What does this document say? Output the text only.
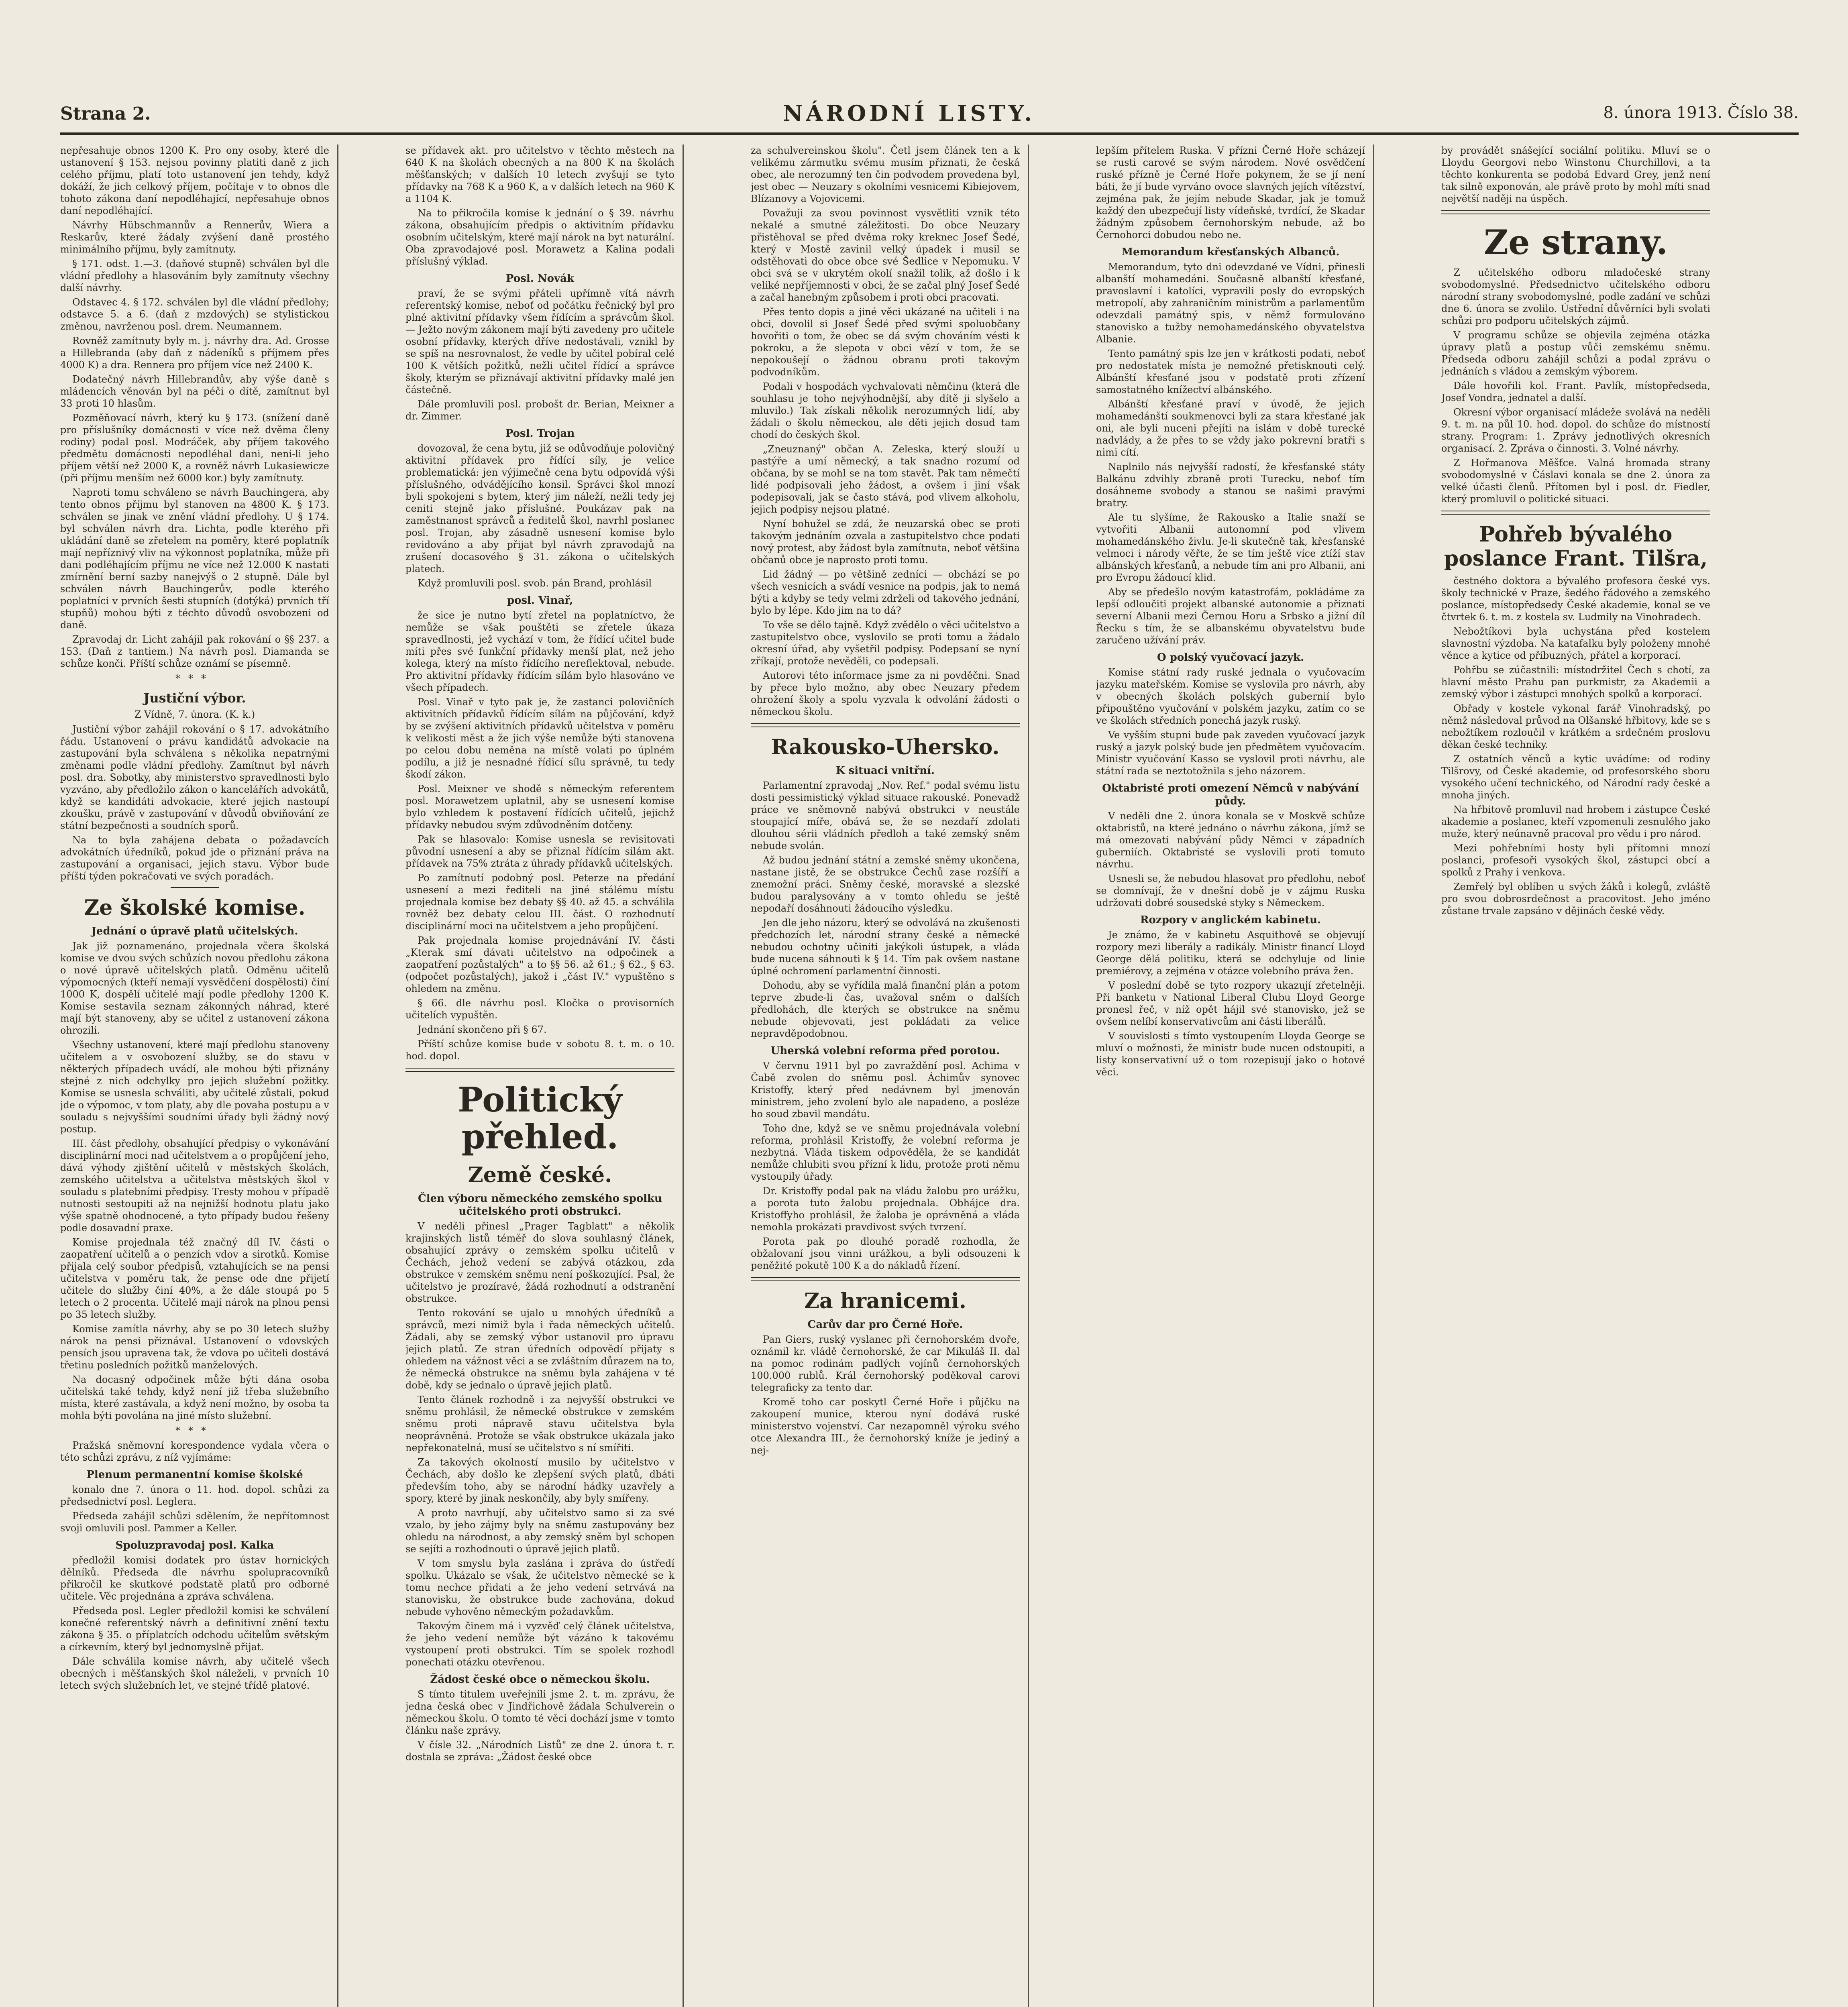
Strana 2.	NÁRODNÍ LISTY.	8. února 1913. Číslo 38.

nepřesahuje obnos 1200 K. Pro ony osoby, které dle ustanovení § 153. nejsou povinny platiti daně z jich celého příjmu, platí toto ustanovení jen tehdy, když dokáží, že jich celkový příjem, počítaje v to obnos dle tohoto zákona daní nepodléhající, nepřesahuje obnos daní nepodléhající.

Návrhy Hübschmannův a Rennerův, Wiera a Reskarův, které žádaly zvýšení daně prostého minimálního příjmu, byly zamítnuty.

§ 171. odst. 1.—3. (daňové stupně) schválen byl dle vládní předlohy a hlasováním byly zamítnuty všechny další návrhy.

Odstavec 4. § 172. schválen byl dle vládní předlohy; odstavce 5. a 6. (daň z mzdových) se stylistickou změnou, navrženou posl. drem. Neumannem.

Rovněž zamítnuty byly m. j. návrhy dra. Ad. Grosse a Hillebranda (aby daň z nádeníků s příjmem přes 4000 K) a dra. Rennera pro příjem více než 2400 K.

Dodatečný návrh Hillebrandův, aby výše daně s mládencích věnován byl na péči o dítě, zamítnut byl 33 proti 10 hlasům.

Pozměňovací návrh, který ku § 173. (snížení daně pro příslušníky domácnosti v více než dvěma členy rodiny) podal posl. Modráček, aby příjem takového předmětu domácnosti nepodléhal dani, neni-li jeho příjem větší než 2000 K, a rovněž návrh Lukasiewicze (při příjmu menším než 6000 kor.) byly zamítnuty.

Naproti tomu schváleno se návrh Bauchingera, aby tento obnos příjmu byl stanoven na 4800 K. § 173. schválen se jinak ve znění vládní předlohy. U § 174. byl schválen návrh dra. Lichta, podle kterého při ukládání daně se zřetelem na poměry, které poplatník mají nepříznivý vliv na výkonnost poplatníka, může při dani podléhajícím příjmu ne více než 12.000 K nastati zmírnění berní sazby nanejvýš o 2 stupně. Dále byl schválen návrh Bauchingerův, podle kterého poplatníci v prvních šesti stupních (dotýká) prvních tří stupňů) mohou býti z téchto důvodů osvobozeni od daně.

Zpravodaj dr. Licht zahájil pak rokování o §§ 237. a 153. (Daň z tantiem.) Na návrh posl. Diamanda se schůze konči. Příští schůze oznámí se písemně.

***
Justiční výbor.
Z Vídně, 7. února. (K. k.)

Justiční výbor zahájil rokování o § 17. advokátního řádu. Ustanovení o právu kandidátů advokacie na zastupování byla schválena s několika nepatrnými změnami podle vládní předlohy. Zamítnut byl návrh posl. dra. Sobotky, aby ministerstvo spravedlnosti bylo vyzváno, aby předložilo zákon o kancelářích advokátů, když se kandidáti advokacie, které jejich nastoupí zkoušku, právě v zastupování v důvodů obviňování ze státní bezpečnosti a soudních sporů.

Na to byla zahájena debata o požadavcích advokátních úředníků, pokud jde o přiznání práva na zastupování a organisaci, jejich stavu. Výbor bude příští týden pokračovati ve svých poradách.

Ze školské komise.
Jednání o úpravě platů učitelských.

Jak již poznamenáno, projednala včera školská komise ve dvou svých schůzích novou předlohu zákona o nové úpravě učitelských platů. Odměnu učitelů výpomocných (kteří nemají vysvědčení dospělosti) činí 1000 K, dospělí učitelé mají podle předlohy 1200 K. Komise sestavila seznam zákonných náhrad, které mají být stanoveny, aby se učitel z ustanovení zákona ohrozili.

Všechny ustanovení, které mají předlohu stanoveny učitelem a v osvobození služby, se do stavu v některých případech uvádí, ale mohou býti přiznány stejné z nich odchylky pro jejich služební požitky. Komise se usnesla schváliti, aby učitelé zůstali, pokud jde o výpomoc, v tom platy, aby dle povaha postupu a v souladu s nejvyššími soudními úřady byli žádný nový postup.

III. část předlohy, obsahující předpisy o vykonávání disciplinární moci nad učitelstvem a o propůjčení jeho, dává výhody zjištění učitelů v městských školách, zemského učitelstva a učitelstva městských škol v souladu s platebními předpisy. Tresty mohou v případě nutnosti sestoupiti až na nejnižší hodnotu platu jako výše spatně ohodnocené, a tyto případy budou řešeny podle dosavadní praxe.

Komise projednala též značný díl IV. části o zaopatření učitelů a o penzích vdov a sirotků. Komise přijala celý soubor předpisů, vztahujících se na pensi učitelstva v poměru tak, že pense ode dne přijetí učitele do služby činí 40%, a že dále stoupá po 5 letech o 2 procenta. Učitelé mají nárok na plnou pensi po 35 letech služby.

Komise zamítla návrhy, aby se po 30 letech služby nárok na pensi přiznával. Ustanovení o vdovských pensích jsou upravena tak, že vdova po učiteli dostává třetinu posledních požitků manželových.

Na docasný odpočinek může býti dána osoba učitelská také tehdy, když není již třeba služebního místa, které zastávala, a když není možno, by osoba ta mohla býti povolána na jiné místo služební.

***

Pražská sněmovní korespondence vydala včera o této schůzi zprávu, z níž vyjímáme:

Plenum permanentní komise školské

konalo dne 7. února o 11. hod. dopol. schůzi za předsednictví posl. Leglera.

Předseda zahájil schůzi sdělením, že nepřítomnost svoji omluvili posl. Pammer a Keller.

Spoluzpravodaj posl. Kalka

předložil komisi dodatek pro ústav hornických dělníků. Předseda dle návrhu spolupracovníků přikročil ke skutkové podstatě platů pro odborné učitele. Věc projednána a zpráva schválena.

Předseda posl. Legler předložil komisi ke schválení konečné referentský návrh a definitivní znění textu zákona § 35. o příplatcích odchodu učitelům světským a církevním, který byl jednomyslně přijat.

Dále schválila komise návrh, aby učitelé všech obecných i měšťanských škol náleželi, v prvních 10 letech svých služebních let, ve stejné třídě platové.

se přídavek akt. pro učitelstvo v těchto městech na 640 K na školách obecných a na 800 K na školách měšťanských; v dalších 10 letech zvyšují se tyto přídavky na 768 K a 960 K, a v dalších letech na 960 K a 1104 K.

Na to přikročila komise k jednání o § 39. návrhu zákona, obsahujícím předpis o aktivitním přídavku osobním učitelským, které mají nárok na byt naturální. Oba zpravodajové posl. Morawetz a Kalina podali příslušný výklad.

Posl. Novák

praví, že se svými přáteli upřímně vítá návrh referentský komise, neboť od počátku řečnický byl pro plné aktivitní přídavky všem řídícím a správcům škol. — Ježto novým zákonem mají býti zavedeny pro učitele osobní přídavky, kterých dříve nedostávali, vznikl by se spíš na nesrovnalost, že vedle by učitel pobíral celé 100 K větších požitků, nežli učitel řídící a správce školy, kterým se přiznávají aktivitní přídavky malé jen částečně.

Dále promluvili posl. probošt dr. Berian, Meixner a dr. Zimmer.

Posl. Trojan

dovozoval, že cena bytu, již se odůvodňuje polovičný aktivitní přídavek pro řídící síly, je velice problematická: jen výjimečně cena bytu odpovídá výši příslušného, odvádějícího konsil. Správci škol mnozí byli spokojeni s bytem, který jim náleží, nežli tedy jej ceniti stejně jako příslušné. Poukázav pak na zaměstnanost správců a ředitelů škol, navrhl poslanec posl. Trojan, aby zásadně usnesení komise bylo revidováno a aby přijat byl návrh zpravodajů na zrušení docasového § 31. zákona o učitelských platech.

Když promluvili posl. svob. pán Brand, prohlásil

posl. Vinař,

že sice je nutno bytí zřetel na poplatníctvo, že nemůže se však pouštěti se zřetele úkaza spravedlnosti, jež vychází v tom, že řídící učitel bude míti přes své funkční přídavky menší plat, než jeho kolega, který na místo řídícího nereflektoval, nebude. Pro aktivitní přídavky řídícím sílám bylo hlasováno ve všech případech.

Posl. Vinař v tyto pak je, že zastanci polovičních aktivitních přídavků řídícím sílám na půjčování, když by se zvýšení aktivitních přídavků učitelstva v poměru k velikosti měst a že jich výše nemůže býti stanovena po celou dobu neměna na místě volati po úplném podílu, a již je nesnadné řídicí sílu správně, tu tedy škodí zákon.

Posl. Meixner ve shodě s německým referentem posl. Morawetzem uplatnil, aby se usnesení komise bylo vzhledem k postavení řídících učitelů, jejichž přídavky nebudou svým zdůvodněním dotčeny.

Pak se hlasovalo: Komise usnesla se revisitovati původní usnesení a aby se přiznal řídícím silám akt. přídavek na 75% ztráta z úhrady přídavků učitelských.

Po zamítnutí podobný posl. Peterze na předání usnesení a mezi řediteli na jiné stálému místu projednala komise bez debaty §§ 40. až 45. a schválila rovněž bez debaty celou III. část. O rozhodnutí disciplinární moci na učitelstvem a jeho propůjčení.

Pak projednala komise projednávání IV. části „Kterak smí dávati učitelstvo na odpočinek a zaopatření pozůstalých" a to §§ 56. až 61.; § 62., § 63. (odpočet pozůstalých), jakož i „část IV." vypuštěno s ohledem na změnu.

§ 66. dle návrhu posl. Kločka o provisorních učitelích vypuštěn.

Jednání skončeno při § 67.

Příští schůze komise bude v sobotu 8. t. m. o 10. hod. dopol.

Politický přehled.
Země české.
Člen výboru německého zemského spolku učitelského proti obstrukci.

V neděli přinesl „Prager Tagblatt" a několik krajinských listů téměř do slova souhlasný článek, obsahující zprávy o zemském spolku učitelů v Čechách, jehož vedení se zabývá otázkou, zda obstrukce v zemském sněmu není poškozující. Psal, že učitelstvo je prozíravé, žádá rozhodnutí a odstranění obstrukce.

Tento rokování se ujalo u mnohých úředníků a správců, mezi nimiž byla i řada německých učitelů. Žádali, aby se zemský výbor ustanovil pro úpravu jejich platů. Ze stran úředních odpovědí přijaty s ohledem na vážnost věci a se zvláštním důrazem na to, že německá obstrukce na sněmu byla zahájena v té době, kdy se jednalo o úpravě jejich platů.

Tento článek rozhodně i za nejvyšší obstrukci ve sněmu prohlásil, že německé obstrukce v zemském sněmu proti nápravě stavu učitelstva byla neoprávněná. Protože se však obstrukce ukázala jako nepřekonatelná, musí se učitelstvo s ní smířiti.

Za takových okolností musilo by učitelstvo v Čechách, aby došlo ke zlepšení svých platů, dbáti především toho, aby se národní hádky uzavřely a spory, které by jinak neskončily, aby byly smířeny.

A proto navrhují, aby učitelstvo samo si za své vzalo, by jeho zájmy byly na sněmu zastupovány bez ohledu na národnost, a aby zemský sněm byl schopen se sejíti a rozhodnouti o úpravě jejich platů.

V tom smyslu byla zaslána i zpráva do ústředí spolku. Ukázalo se však, že učitelstvo německé se k tomu nechce přidati a že jeho vedení setrvává na stanovisku, že obstrukce bude zachována, dokud nebude vyhověno německým požadavkům.

Takovým činem má i vyzvěď celý článek učitelstva, že jeho vedení nemůže být vázáno k takovému vystoupení proti obstrukci. Tím se spolek rozhodl ponechati otázku otevřenou.

Žádost české obce o německou školu.

S tímto titulem uveřejnili jsme 2. t. m. zprávu, že jedna česká obec v Jindřichově žádala Schulverein o německou školu. O tomto té věci dochází jsme v tomto článku naše zprávy.

V čísle 32. „Národních Listů" ze dne 2. února t. r. dostala se zpráva: „Žádost české obce

za schulvereinskou školu". Četl jsem článek ten a k velikému zármutku svému musím přiznati, že česká obec, ale nerozumný ten čin podvodem provedena byl, jest obec — Neuzary s okolními vesnicemi Kibiejovem, Blízanovy a Vojovicemi.

Považuji za svou povinnost vysvětliti vznik této nekalé a smutné záležitosti. Do obce Neuzary přistěhoval se před dvěma roky kreknec Josef Šedé, který v Mostě zavinil velký úpadek i musil se odstěhovati do obce obce své Šedlice v Nepomuku. V obci svá se v ukrytém okolí snažil tolik, až došlo i k veliké nepříjemnosti v obci, že se začal plný Josef Šedé a začal hanebným způsobem i proti obci pracovati.

Přes tento dopis a jiné věci ukázané na učiteli i na obci, dovolil si Josef Šedé před svými spoluobčany hovořiti o tom, že obec se dá svým chováním vésti k pokroku, a že slepota v obci vězí v tom, že se nepokoušejí o žádnou obranu proti takovým podvodníkům.

Podali v hospodách vychvalovati němčinu (která dle souhlasu je toho nejvýhodnější, aby dítě ji slyšelo a mluvilo.) Tak získali několik nerozumných lidí, aby žádali o školu německou, ale děti jejich dosud tam chodí do českých škol.

„Zneuznaný" občan A. Zeleska, který slouží u pastýře a umí německý, a tak snadno rozumí od občana, by se mohl se na tom stavět. Pak tam němečtí lidé podpisovali jeho žádost, a ovšem i jiní však podepisovali, jak se často stává, pod vlivem alkoholu, jejich podpisy nejsou platné.

Nyní bohužel se zdá, že neuzarská obec se proti takovým jednáním ozvala a zastupitelstvo chce podati nový protest, aby žádost byla zamítnuta, neboť většina občanů obce je naprosto proti tomu.

Lid žádný — po většině zedníci — obchází se po všech vesnicích a svádí vesnice na podpis, jak to nemá býti a kdyby se tedy velmi zdrželi od takového jednání, bylo by lépe. Kdo jim na to dá?

To vše se dělo tajně. Když zvědělo o věci učitelstvo a zastupitelstvo obce, vyslovilo se proti tomu a žádalo okresní úřad, aby vyšetřil podpisy. Podepsaní se nyní zříkají, protože nevěděli, co podepsali.

Autorovi této informace jsme za ni povděčni. Snad by přece bylo možno, aby obec Neuzary předem ohrožení školy a spolu vyzvala k odvolání žádosti o německou školu.

Rakousko-Uhersko.
K situaci vnitřní.

Parlamentní zpravodaj „Nov. Ref." podal svému listu dosti pessimistický výklad situace rakouské. Ponevadž práce ve sněmovně nabývá obstrukci v neustále stoupající míře, obává se, že se nezdaří zdolati dlouhou sérii vládních předloh a také zemský sněm nebude svolán.

Až budou jednání státní a zemské sněmy ukončena, nastane jistě, že se obstrukce Čechů zase rozšíří a znemožní práci. Sněmy české, moravské a slezské budou paralysovány a v tomto ohledu se ještě nepodaří dosáhnouti žádoucího výsledku.

Jen dle jeho názoru, který se odvolává na zkušenosti předchozích let, národní strany české a německé nebudou ochotny učiniti jakýkoli ústupek, a vláda bude nucena sáhnouti k § 14. Tím pak ovšem nastane úplné ochromení parlamentní činnosti.

Dohodu, aby se vyřídila malá finanční plán a potom teprve zbude-li čas, uvažoval sněm o dalších předlohách, dle kterých se obstrukce na sněmu nebude objevovati, jest pokládati za velice nepravděpodobnou.

Uherská volební reforma před porotou.

V červnu 1911 byl po zavraždění posl. Achima v Čabě zvolen do sněmu posl. Áchimův synovec Kristoffy, který před nedávnem byl jmenován ministrem, jeho zvolení bylo ale napadeno, a posléze ho soud zbavil mandátu.

Toho dne, když se ve sněmu projednávala volební reforma, prohlásil Kristoffy, že volební reforma je nezbytná. Vláda tiskem odpověděla, že se kandidát nemůže chlubiti svou přízní k lidu, protože proti němu vystoupily úřady.

Dr. Kristoffy podal pak na vládu žalobu pro urážku, a porota tuto žalobu projednala. Obhájce dra. Kristoffyho prohlásil, že žaloba je oprávněná a vláda nemohla prokázati pravdivost svých tvrzení.

Porota pak po dlouhé poradě rozhodla, že obžalovaní jsou vinni urážkou, a byli odsouzeni k peněžité pokutě 100 K a do nákladů řízení.

Za hranicemi.
Carův dar pro Černé Hoře.

Pan Giers, ruský vyslanec při černohorském dvoře, oznámil kr. vládě černohorské, že car Mikuláš II. dal na pomoc rodinám padlých vojínů černohorských 100.000 rublů. Král černohorský poděkoval carovi telegraficky za tento dar.

Kromě toho car poskytl Černé Hoře i půjčku na zakoupení munice, kterou nyní dodává ruské ministerstvo vojenství. Car nezapomněl výroku svého otce Alexandra III., že černohorský kníže je jediný a nej-

lepším přítelem Ruska. V přízni Černé Hoře scházejí se rusti carové se svým národem. Nové osvědčení ruské přízně je Černé Hoře pokynem, že se jí není báti, že jí bude vyrváno ovoce slavných jejích vítězství, zejména pak, že jejím nebude Skadar, jak je tomuž každý den ubezpečují listy vídeňské, tvrdící, že Skadar žádným způsobem černohorským nebude, až bo Černohorci dobudou nebo ne.

Memorandum křesťanských Albanců.

Memorandum, tyto dni odevzdané ve Vídni, přinesli albanští mohamedáni. Současně albanští křesťané, pravoslavní i katolíci, vypravili posly do evropských metropolí, aby zahraničním ministrům a parlamentům odevzdali památný spis, v němž formulováno stanovisko a tužby nemohamedánského obyvatelstva Albanie.

Tento památný spis lze jen v krátkosti podati, neboť pro nedostatek místa je nemožné přetisknouti celý. Albánští křesťané jsou v podstatě proti zřízení samostatného knížectví albánského.

Albánští křesťané praví v úvodě, že jejich mohamedánští soukmenovci byli za stara křesťané jak oni, ale byli nuceni přejíti na islám v době turecké nadvlády, a že přes to se vždy jako pokrevní bratři s nimi cítí.

Naplnilo nás nejvyšší radostí, že křesťanské státy Balkánu zdvihly zbraně proti Turecku, neboť tím dosáhneme svobody a stanou se našimi pravými bratry.

Ale tu slyšíme, že Rakousko a Italie snaží se vytvořiti Albanii autonomní pod vlivem mohamedánského živlu. Je-li skutečně tak, křesťanské velmoci i národy věřte, že se tím ještě více ztíží stav albánských křesťanů, a nebude tím ani pro Albanii, ani pro Evropu žádoucí klid.

Aby se předešlo novým katastrofám, pokládáme za lepší odloučiti projekt albanské autonomie a přiznati severní Albanii mezi Černou Horu a Srbsko a jižní díl Řecku s tím, že se albanskému obyvatelstvu bude zaručeno užívání práv.

O polský vyučovací jazyk.

Komise státní rady ruské jednala o vyučovacím jazyku mateřském. Komise se vyslovila pro návrh, aby v obecných školách polských gubernií bylo připouštěno vyučování v polském jazyku, zatím co se ve školách středních ponechá jazyk ruský.

Ve vyšším stupni bude pak zaveden vyučovací jazyk ruský a jazyk polský bude jen předmětem vyučovacím. Ministr vyučování Kasso se vyslovil proti návrhu, ale státní rada se neztotožnila s jeho názorem.

Oktabristé proti omezení Němců v nabývání půdy.

V neděli dne 2. února konala se v Moskvě schůze oktabristů, na které jednáno o návrhu zákona, jímž se má omezovati nabývání půdy Němci v západních guberniích. Oktabristé se vyslovili proti tomuto návrhu.

Usnesli se, že nebudou hlasovat pro předlohu, neboť se domnívají, že v dnešní době je v zájmu Ruska udržovati dobré sousedské styky s Německem.

Rozpory v anglickém kabinetu.

Je známo, že v kabinetu Asquithově se objevují rozpory mezi liberály a radikály. Ministr financí Lloyd George dělá politiku, která se odchyluje od linie premiérovy, a zejména v otázce volebního práva žen.

V poslední době se tyto rozpory ukazují zřetelněji. Při banketu v National Liberal Clubu Lloyd George pronesl řeč, v níž opět hájil své stanovisko, jež se ovšem nelíbí konservativcům ani části liberálů.

V souvislosti s tímto vystoupením Lloyda George se mluví o možnosti, že ministr bude nucen odstoupiti, a listy konservativní už o tom rozepisují jako o hotové věci.

by provádět snášející sociální politiku. Mluví se o Lloydu Georgovi nebo Winstonu Churchillovi, a ta těchto konkurenta se podobá Edvard Grey, jenž není tak silně exponován, ale právě proto by mohl míti snad největší naději na úspěch.

Ze strany.

Z učitelského odboru mladočeské strany svobodomyslné. Předsednictvo učitelského odboru národní strany svobodomyslné, podle zadání ve schůzi dne 6. února se zvolilo. Ústřední důvěrníci byli svolati schůzi pro podporu učitelských zájmů.

V programu schůze se objevila zejména otázka úpravy platů a postup vůči zemskému sněmu. Předseda odboru zahájil schůzi a podal zprávu o jednáních s vládou a zemským výborem.

Dále hovořili kol. Frant. Pavlík, místopředseda, Josef Vondra, jednatel a další.

Okresní výbor organisací mládeže svolává na neděli 9. t. m. na půl 10. hod. dopol. do schůze do místností strany. Program: 1. Zprávy jednotlivých okresních organisací. 2. Zpráva o činnosti. 3. Volné návrhy.

Z Hořmanova Měšťce. Valná hromada strany svobodomyslné v Čáslavi konala se dne 2. února za velké účasti členů. Přítomen byl i posl. dr. Fiedler, který promluvil o politické situaci.

Pohřeb bývalého poslance Frant. Tilšra,

čestného doktora a bývalého profesora české vys. školy technické v Praze, šedého řádového a zemského poslance, místopředsedy České akademie, konal se ve čtvrtek 6. t. m. z kostela sv. Ludmily na Vinohradech.

Nebožtíkovi byla uchystána před kostelem slavnostní výzdoba. Na katafalku byly položeny mnohé věnce a kytice od příbuzných, přátel a korporací.

Pohřbu se zúčastnili: místodržitel Čech s chotí, za hlavní město Prahu pan purkmistr, za Akademii a zemský výbor i zástupci mnohých spolků a korporací.

Obřady v kostele vykonal farář Vinohradský, po němž následoval průvod na Olšanské hřbitovy, kde se s nebožtíkem rozloučil v krátkém a srdečném proslovu děkan české techniky.

Z ostatních věnců a kytic uvádíme: od rodiny Tilšrovy, od České akademie, od profesorského sboru vysokého učení technického, od Národní rady české a mnoha jiných.

Na hřbitově promluvil nad hrobem i zástupce České akademie a poslanec, kteří vzpomenuli zesnulého jako muže, který neúnavně pracoval pro vědu i pro národ.

Mezi pohřebními hosty byli přítomni mnozí poslanci, profesoři vysokých škol, zástupci obcí a spolků z Prahy i venkova.

Zemřelý byl oblíben u svých žáků i kolegů, zvláště pro svou dobrosrdečnost a pracovitost. Jeho jméno zůstane trvale zapsáno v dějinách české vědy.
